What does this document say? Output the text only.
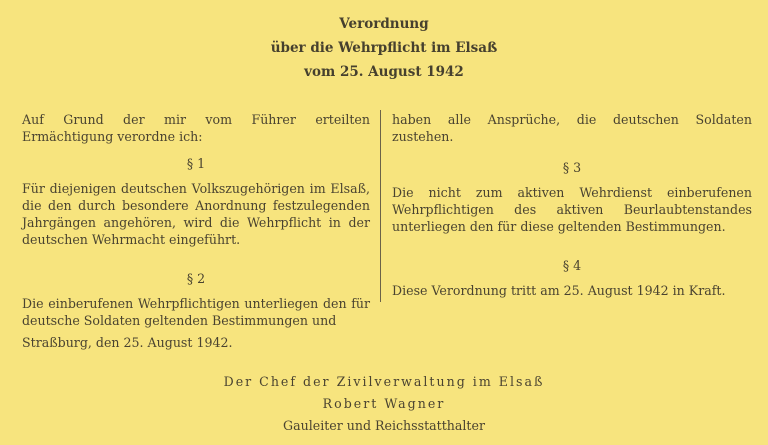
Verordnung
über die Wehrpflicht im Elsaß
vom 25. August 1942

Auf Grund der mir vom Führer erteilten Ermächtigung verordne ich:

§ 1

Für diejenigen deutschen Volkszugehörigen im Elsaß, die den durch besondere Anordnung festzulegenden Jahrgängen angehören, wird die Wehrpflicht in der deutschen Wehrmacht eingeführt.

§ 2

Die einberufenen Wehrpflichtigen unterliegen den für deutsche Soldaten geltenden Bestimmungen und

haben alle Ansprüche, die deutschen Soldaten zustehen.

§ 3

Die nicht zum aktiven Wehrdienst einberufenen Wehrpflichtigen des aktiven Beurlaubtenstandes unterliegen den für diese geltenden Bestimmungen.

§ 4

Diese Verordnung tritt am 25. August 1942 in Kraft.

Straßburg, den 25. August 1942.
Der Chef der Zivilverwaltung im Elsaß
Robert Wagner
Gauleiter und Reichsstatthalter
